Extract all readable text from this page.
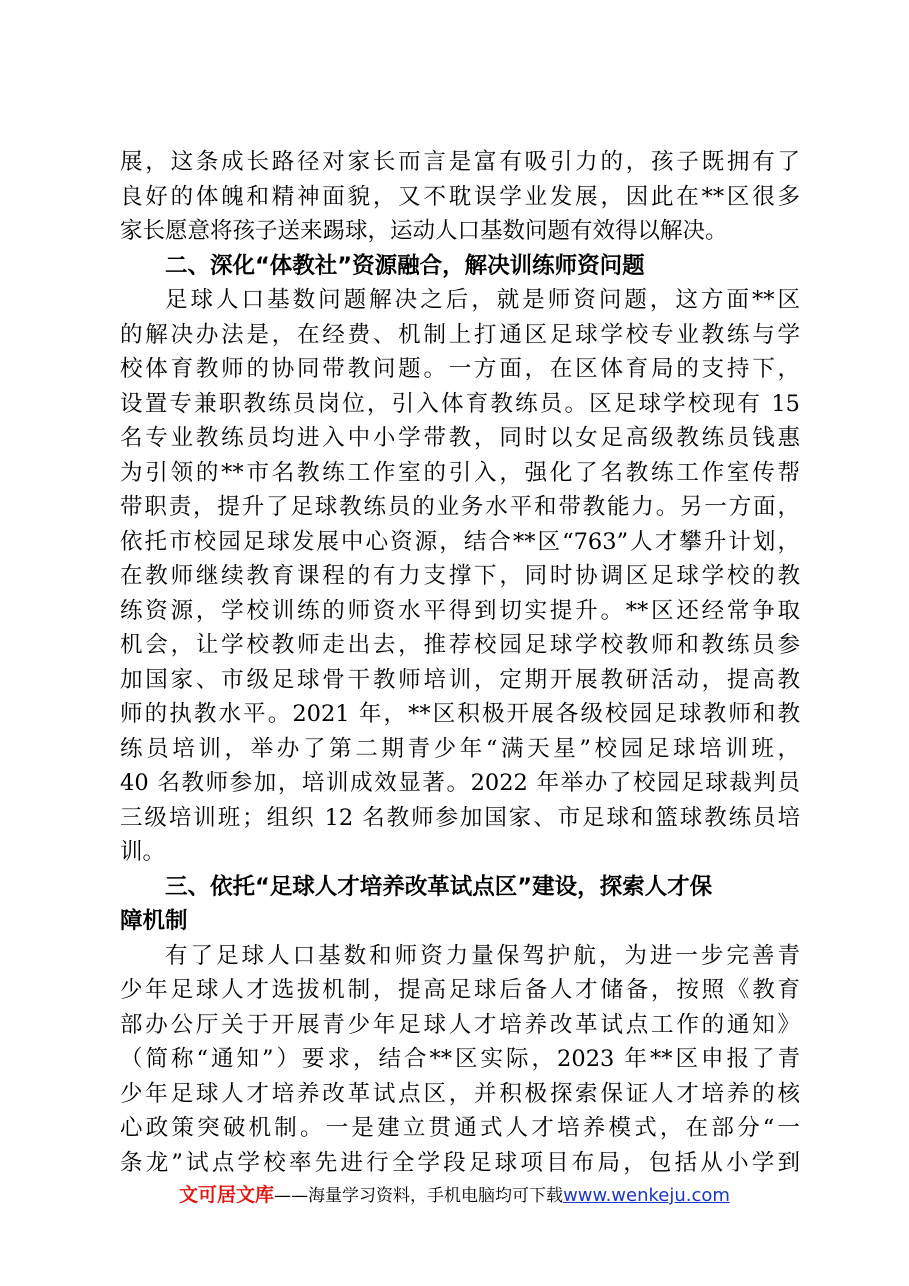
展，这条成长路径对家长而言是富有吸引力的，孩子既拥有了
良好的体魄和精神面貌，又不耽误学业发展，因此在**区很多
家长愿意将孩子送来踢球，运动人口基数问题有效得以解决。
二、深化“体教社”资源融合，解决训练师资问题
足球人口基数问题解决之后，就是师资问题，这方面**区
的解决办法是，在经费、机制上打通区足球学校专业教练与学
校体育教师的协同带教问题。一方面，在区体育局的支持下，
设置专兼职教练员岗位，引入体育教练员。区足球学校现有 15
名专业教练员均进入中小学带教，同时以女足高级教练员钱惠
为引领的**市名教练工作室的引入，强化了名教练工作室传帮
带职责，提升了足球教练员的业务水平和带教能力。另一方面，
依托市校园足球发展中心资源，结合**区“763”人才攀升计划，
在教师继续教育课程的有力支撑下，同时协调区足球学校的教
练资源，学校训练的师资水平得到切实提升。**区还经常争取
机会，让学校教师走出去，推荐校园足球学校教师和教练员参
加国家、市级足球骨干教师培训，定期开展教研活动，提高教
师的执教水平。2021 年，**区积极开展各级校园足球教师和教
练员培训，举办了第二期青少年“满天星”校园足球培训班，
40 名教师参加，培训成效显著。2022 年举办了校园足球裁判员
三级培训班；组织 12 名教师参加国家、市足球和篮球教练员培
训。
三、依托“足球人才培养改革试点区”建设，探索人才保
障机制
有了足球人口基数和师资力量保驾护航，为进一步完善青
少年足球人才选拔机制，提高足球后备人才储备，按照《教育
部办公厅关于开展青少年足球人才培养改革试点工作的通知》
（简称“通知”）要求，结合**区实际，2023 年**区申报了青
少年足球人才培养改革试点区，并积极探索保证人才培养的核
心政策突破机制。一是建立贯通式人才培养模式，在部分“一
条龙”试点学校率先进行全学段足球项目布局，包括从小学到
文可居文库——海量学习资料，手机电脑均可下载www.wenkeju.com
